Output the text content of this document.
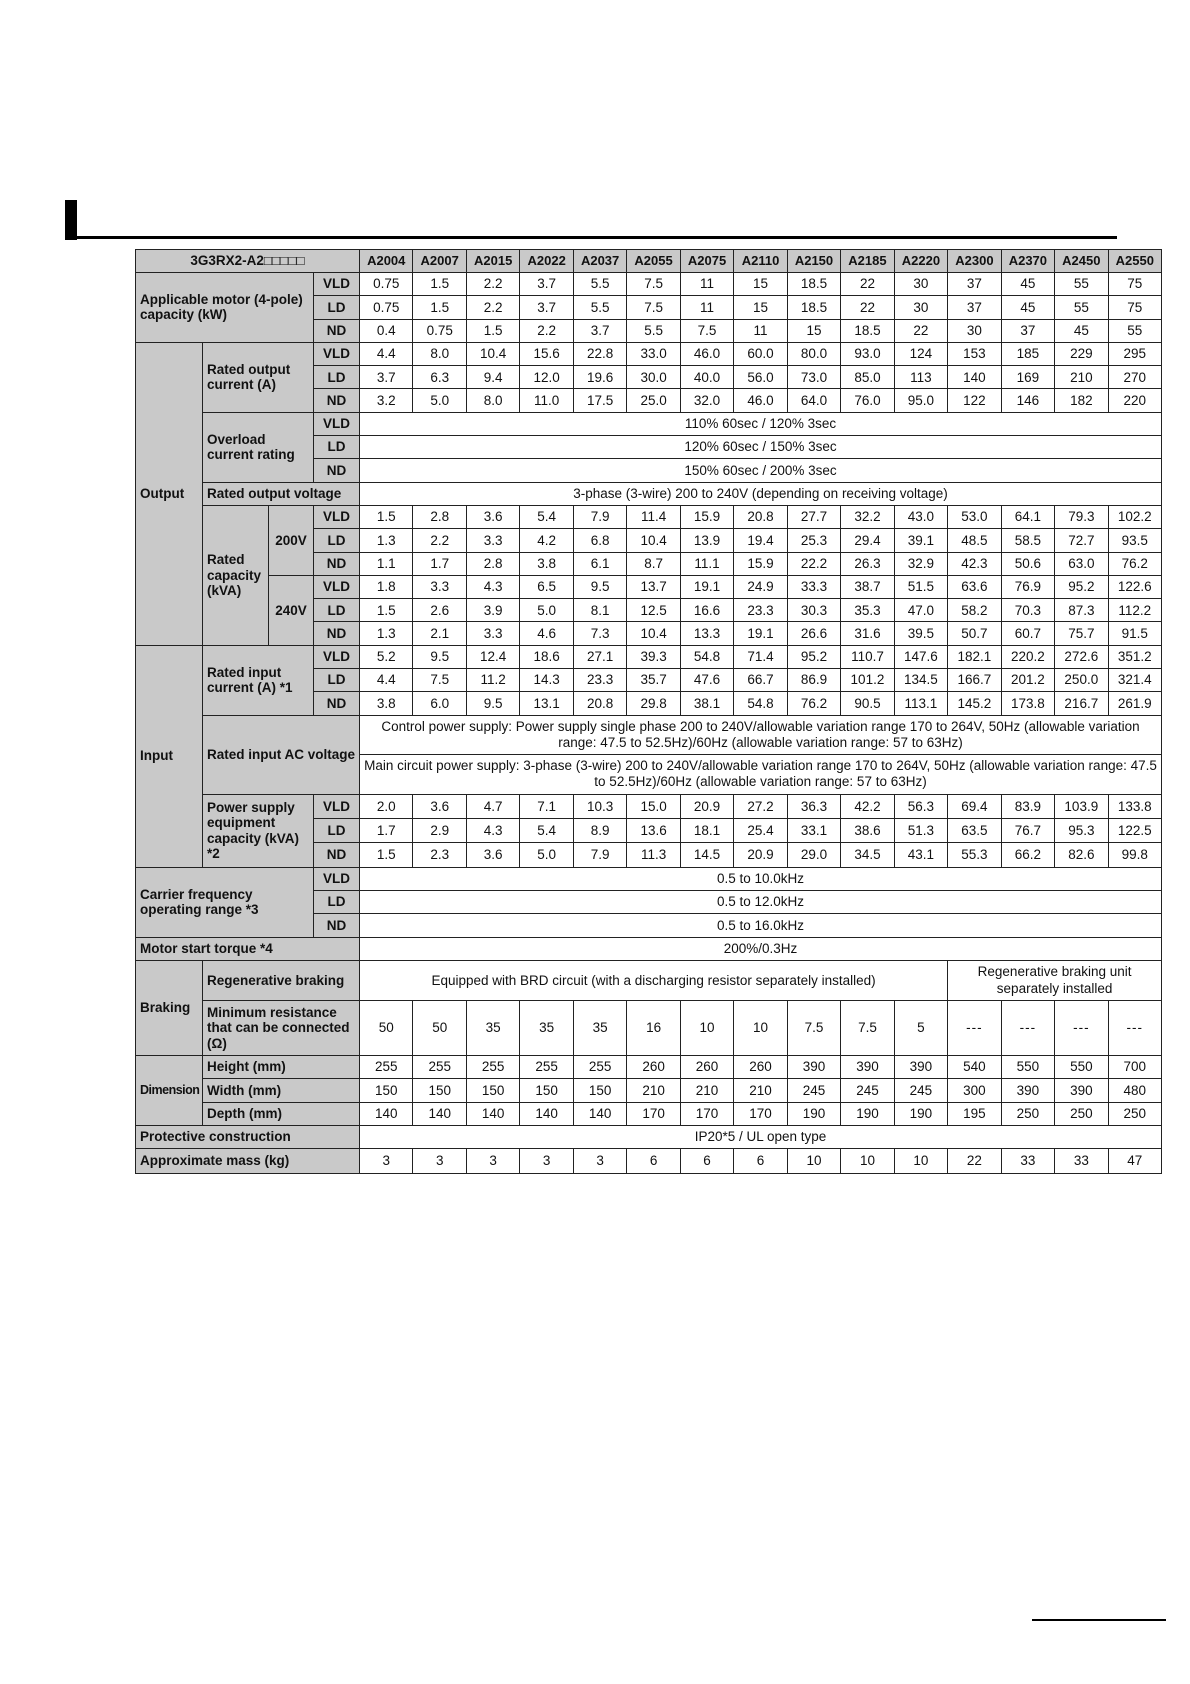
3G3RX2-A2□□□□□				A2004	A2007	A2015	A2022	A2037	A2055	A2075	A2110	A2150	A2185	A2220	A2300	A2370	A2450	A2550
Applicable motor (4-pole) capacity (kW)			VLD	0.75	1.5	2.2	3.7	5.5	7.5	11	15	18.5	22	30	37	45	55	75
			LD	0.75	1.5	2.2	3.7	5.5	7.5	11	15	18.5	22	30	37	45	55	75
			ND	0.4	0.75	1.5	2.2	3.7	5.5	7.5	11	15	18.5	22	30	37	45	55
Output	Rated output current (A)		VLD	4.4	8.0	10.4	15.6	22.8	33.0	46.0	60.0	80.0	93.0	124	153	185	229	295
			LD	3.7	6.3	9.4	12.0	19.6	30.0	40.0	56.0	73.0	85.0	113	140	169	210	270
			ND	3.2	5.0	8.0	11.0	17.5	25.0	32.0	46.0	64.0	76.0	95.0	122	146	182	220
	Overload current rating		VLD	110% 60sec / 120% 3sec														
			LD	120% 60sec / 150% 3sec														
			ND	150% 60sec / 200% 3sec														
	Rated output voltage			3-phase (3-wire) 200 to 240V (depending on receiving voltage)														
	Rated capacity (kVA)	200V	VLD	1.5	2.8	3.6	5.4	7.9	11.4	15.9	20.8	27.7	32.2	43.0	53.0	64.1	79.3	102.2
			LD	1.3	2.2	3.3	4.2	6.8	10.4	13.9	19.4	25.3	29.4	39.1	48.5	58.5	72.7	93.5
			ND	1.1	1.7	2.8	3.8	6.1	8.7	11.1	15.9	22.2	26.3	32.9	42.3	50.6	63.0	76.2
		240V	VLD	1.8	3.3	4.3	6.5	9.5	13.7	19.1	24.9	33.3	38.7	51.5	63.6	76.9	95.2	122.6
			LD	1.5	2.6	3.9	5.0	8.1	12.5	16.6	23.3	30.3	35.3	47.0	58.2	70.3	87.3	112.2
			ND	1.3	2.1	3.3	4.6	7.3	10.4	13.3	19.1	26.6	31.6	39.5	50.7	60.7	75.7	91.5
Input	Rated input current (A) *1		VLD	5.2	9.5	12.4	18.6	27.1	39.3	54.8	71.4	95.2	110.7	147.6	182.1	220.2	272.6	351.2
			LD	4.4	7.5	11.2	14.3	23.3	35.7	47.6	66.7	86.9	101.2	134.5	166.7	201.2	250.0	321.4
			ND	3.8	6.0	9.5	13.1	20.8	29.8	38.1	54.8	76.2	90.5	113.1	145.2	173.8	216.7	261.9
	Rated input AC voltage			Control power supply: Power supply single phase 200 to 240V/allowable variation range 170 to 264V, 50Hz (allowable variation range: 47.5 to 52.5Hz)/60Hz (allowable variation range: 57 to 63Hz)														
				Main circuit power supply: 3-phase (3-wire) 200 to 240V/allowable variation range 170 to 264V, 50Hz (allowable variation range: 47.5 to 52.5Hz)/60Hz (allowable variation range: 57 to 63Hz)														
	Power supply equipment capacity (kVA) *2		VLD	2.0	3.6	4.7	7.1	10.3	15.0	20.9	27.2	36.3	42.2	56.3	69.4	83.9	103.9	133.8
			LD	1.7	2.9	4.3	5.4	8.9	13.6	18.1	25.4	33.1	38.6	51.3	63.5	76.7	95.3	122.5
			ND	1.5	2.3	3.6	5.0	7.9	11.3	14.5	20.9	29.0	34.5	43.1	55.3	66.2	82.6	99.8
Carrier frequency operating range *3			VLD	0.5 to 10.0kHz														
			LD	0.5 to 12.0kHz														
			ND	0.5 to 16.0kHz														
Motor start torque *4				200%/0.3Hz														
Braking	Regenerative braking			Equipped with BRD circuit (with a discharging resistor separately installed)											Regenerative braking unit separately installed			
	Minimum resistance that can be connected (Ω)			50	50	35	35	35	16	10	10	7.5	7.5	5	---	---	---	---
Dimension	Height (mm)			255	255	255	255	255	260	260	260	390	390	390	540	550	550	700
	Width (mm)			150	150	150	150	150	210	210	210	245	245	245	300	390	390	480
	Depth (mm)			140	140	140	140	140	170	170	170	190	190	190	195	250	250	250
Protective construction				IP20*5 / UL open type														
Approximate mass (kg)				3	3	3	3	3	6	6	6	10	10	10	22	33	33	47
